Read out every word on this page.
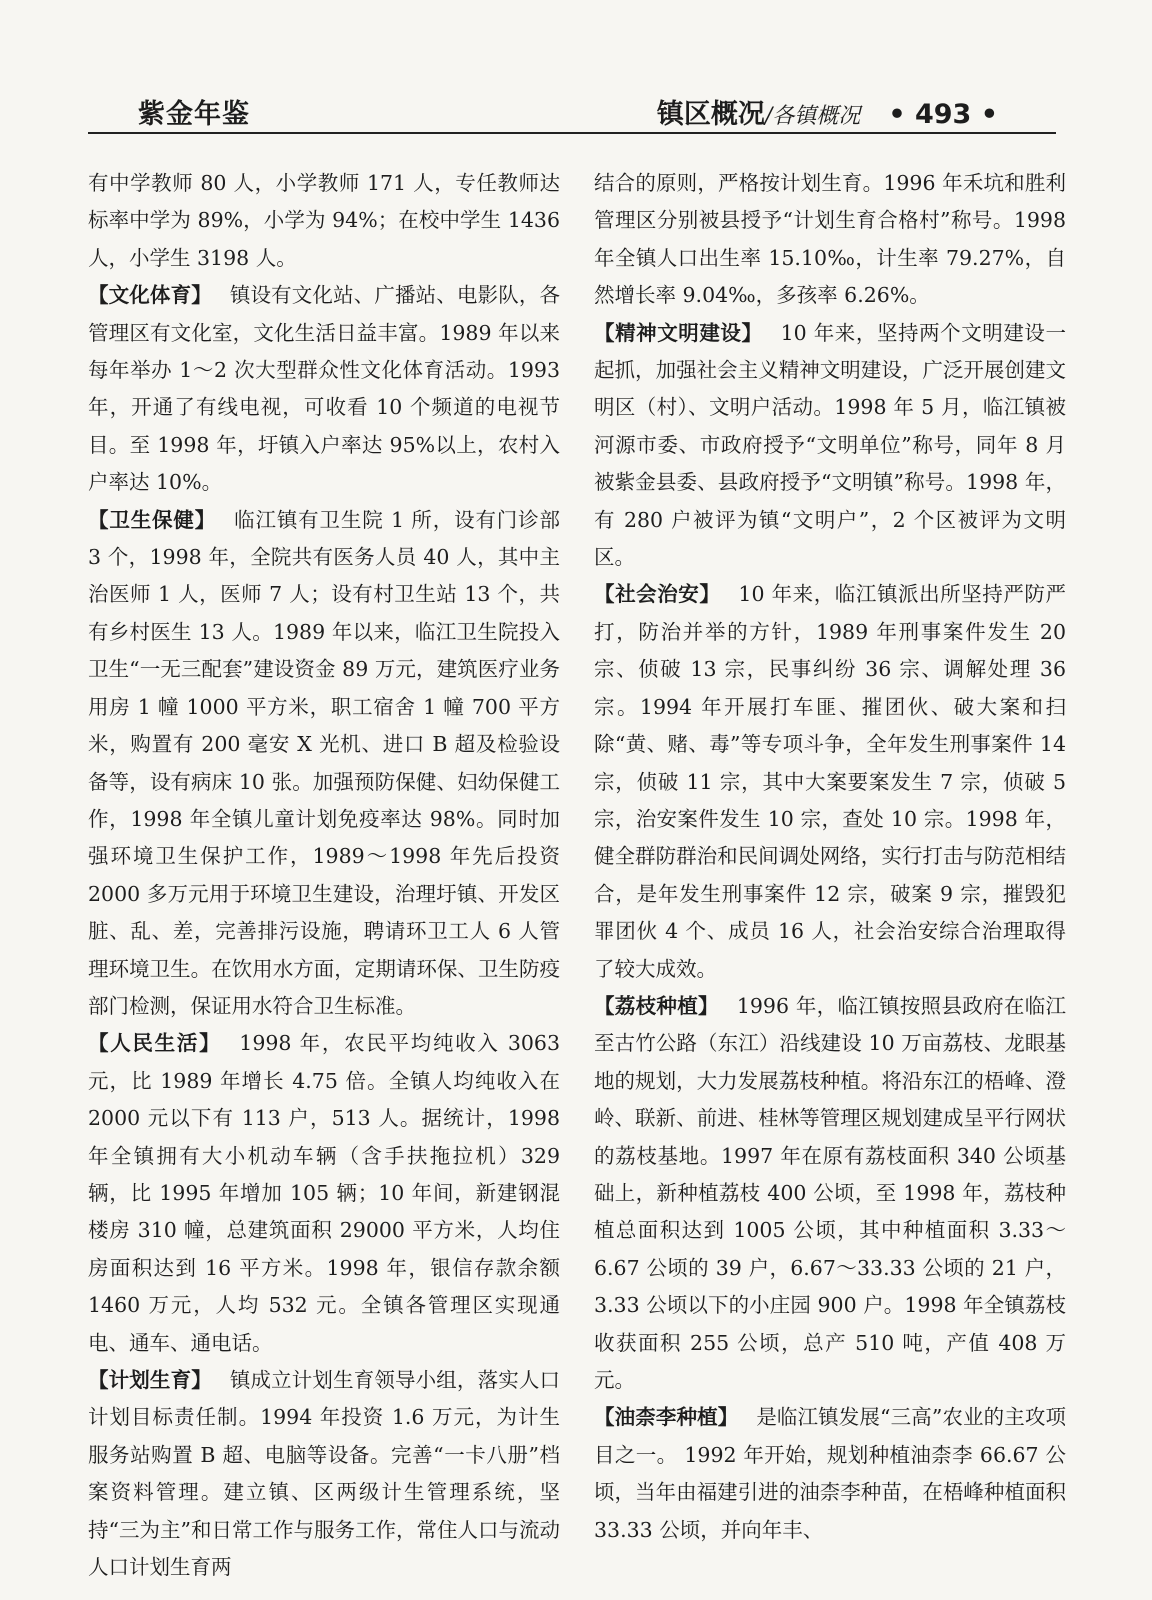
紫金年鉴	镇区概况/各镇概况 • 493 •

有中学教师 80 人，小学教师 171 人，专任教师达标率中学为 89%，小学为 94%；在校中学生 1436 人，小学生 3198 人。

【文化体育】 镇设有文化站、广播站、电影队，各管理区有文化室，文化生活日益丰富。1989 年以来每年举办 1～2 次大型群众性文化体育活动。1993 年，开通了有线电视，可收看 10 个频道的电视节目。至 1998 年，圩镇入户率达 95%以上，农村入户率达 10%。

【卫生保健】 临江镇有卫生院 1 所，设有门诊部 3 个，1998 年，全院共有医务人员 40 人，其中主治医师 1 人，医师 7 人；设有村卫生站 13 个，共有乡村医生 13 人。1989 年以来，临江卫生院投入卫生“一无三配套”建设资金 89 万元，建筑医疗业务用房 1 幢 1000 平方米，职工宿舍 1 幢 700 平方米，购置有 200 毫安 X 光机、进口 B 超及检验设备等，设有病床 10 张。加强预防保健、妇幼保健工作，1998 年全镇儿童计划免疫率达 98%。同时加强环境卫生保护工作，1989～1998 年先后投资 2000 多万元用于环境卫生建设，治理圩镇、开发区脏、乱、差，完善排污设施，聘请环卫工人 6 人管理环境卫生。在饮用水方面，定期请环保、卫生防疫部门检测，保证用水符合卫生标准。

【人民生活】 1998 年，农民平均纯收入 3063 元，比 1989 年增长 4.75 倍。全镇人均纯收入在 2000 元以下有 113 户，513 人。据统计，1998 年全镇拥有大小机动车辆（含手扶拖拉机）329 辆，比 1995 年增加 105 辆；10 年间，新建钢混楼房 310 幢，总建筑面积 29000 平方米，人均住房面积达到 16 平方米。1998 年，银信存款余额 1460 万元，人均 532 元。全镇各管理区实现通电、通车、通电话。

【计划生育】 镇成立计划生育领导小组，落实人口计划目标责任制。1994 年投资 1.6 万元，为计生服务站购置 B 超、电脑等设备。完善“一卡八册”档案资料管理。建立镇、区两级计生管理系统，坚持“三为主”和日常工作与服务工作，常住人口与流动人口计划生育两

结合的原则，严格按计划生育。1996 年禾坑和胜利管理区分别被县授予“计划生育合格村”称号。1998 年全镇人口出生率 15.10‰，计生率 79.27%，自然增长率 9.04‰，多孩率 6.26%。

【精神文明建设】 10 年来，坚持两个文明建设一起抓，加强社会主义精神文明建设，广泛开展创建文明区（村）、文明户活动。1998 年 5 月，临江镇被河源市委、市政府授予“文明单位”称号，同年 8 月被紫金县委、县政府授予“文明镇”称号。1998 年，有 280 户被评为镇“文明户”，2 个区被评为文明区。

【社会治安】 10 年来，临江镇派出所坚持严防严打，防治并举的方针，1989 年刑事案件发生 20 宗、侦破 13 宗，民事纠纷 36 宗、调解处理 36 宗。1994 年开展打车匪、摧团伙、破大案和扫除“黄、赌、毒”等专项斗争，全年发生刑事案件 14 宗，侦破 11 宗，其中大案要案发生 7 宗，侦破 5 宗，治安案件发生 10 宗，查处 10 宗。1998 年，健全群防群治和民间调处网络，实行打击与防范相结合，是年发生刑事案件 12 宗，破案 9 宗，摧毁犯罪团伙 4 个、成员 16 人，社会治安综合治理取得了较大成效。

【荔枝种植】 1996 年，临江镇按照县政府在临江至古竹公路（东江）沿线建设 10 万亩荔枝、龙眼基地的规划，大力发展荔枝种植。将沿东江的梧峰、澄岭、联新、前进、桂林等管理区规划建成呈平行网状的荔枝基地。1997 年在原有荔枝面积 340 公顷基础上，新种植荔枝 400 公顷，至 1998 年，荔枝种植总面积达到 1005 公顷，其中种植面积 3.33～6.67 公顷的 39 户，6.67～33.33 公顷的 21 户，3.33 公顷以下的小庄园 900 户。1998 年全镇荔枝收获面积 255 公顷，总产 510 吨，产值 408 万元。

【油柰李种植】 是临江镇发展“三高”农业的主攻项目之一。 1992 年开始，规划种植油柰李 66.67 公顷，当年由福建引进的油柰李种苗，在梧峰种植面积 33.33 公顷，并向年丰、
